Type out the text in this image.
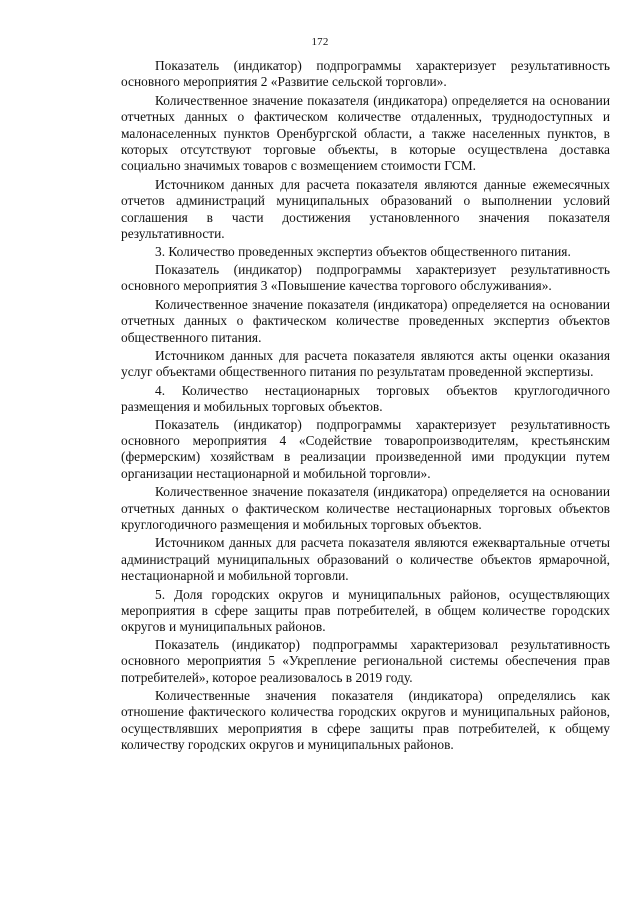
172

Показатель (индикатор) подпрограммы характеризует результативность основного мероприятия 2 «Развитие сельской торговли».

Количественное значение показателя (индикатора) определяется на основании отчетных данных о фактическом количестве отдаленных, труднодоступных и малонаселенных пунктов Оренбургской области, а также населенных пунктов, в которых отсутствуют торговые объекты, в которые осуществлена доставка социально значимых товаров с возмещением стоимости ГСМ.

Источником данных для расчета показателя являются данные ежемесячных отчетов администраций муниципальных образований о выполнении условий соглашения в части достижения установленного значения показателя результативности.

3. Количество проведенных экспертиз объектов общественного питания.

Показатель (индикатор) подпрограммы характеризует результативность основного мероприятия 3 «Повышение качества торгового обслуживания».

Количественное значение показателя (индикатора) определяется на основании отчетных данных о фактическом количестве проведенных экспертиз объектов общественного питания.

Источником данных для расчета показателя являются акты оценки оказания услуг объектами общественного питания по результатам проведенной экспертизы.

4. Количество нестационарных торговых объектов круглогодичного размещения и мобильных торговых объектов.

Показатель (индикатор) подпрограммы характеризует результативность основного мероприятия 4 «Содействие товаропроизводителям, крестьянским (фермерским) хозяйствам в реализации произведенной ими продукции путем организации нестационарной и мобильной торговли».

Количественное значение показателя (индикатора) определяется на основании отчетных данных о фактическом количестве нестационарных торговых объектов круглогодичного размещения и мобильных торговых объектов.

Источником данных для расчета показателя являются ежеквартальные отчеты администраций муниципальных образований о количестве объектов ярмарочной, нестационарной и мобильной торговли.

5. Доля городских округов и муниципальных районов, осуществляющих мероприятия в сфере защиты прав потребителей, в общем количестве городских округов и муниципальных районов.

Показатель (индикатор) подпрограммы характеризовал результативность основного мероприятия 5 «Укрепление региональной системы обеспечения прав потребителей», которое реализовалось в 2019 году.

Количественные значения показателя (индикатора) определялись как отношение фактического количества городских округов и муниципальных районов, осуществлявших мероприятия в сфере защиты прав потребителей, к общему количеству городских округов и муниципальных районов.
